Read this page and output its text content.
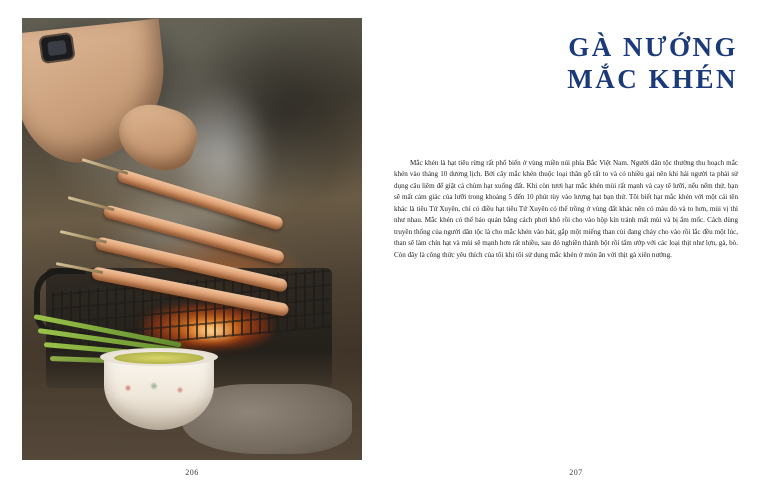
206
GÀ NƯỚNG
MẮC KHÉN

Mắc khén là hạt tiêu rừng rất phổ biến ở vùng miền núi phía Bắc Việt Nam. Người dân tộc thường thu hoạch mắc khén vào tháng 10 dương lịch. Bởi cây mắc khén thuộc loại thân gỗ rất to và có nhiều gai nên khi hái người ta phải sử dụng câu liêm để giật cả chùm hạt xuống đất. Khi còn tươi hạt mắc khén mùi rất mạnh và cay tê lưỡi, nếu nếm thử, bạn sẽ mất cảm giác của lưỡi trong khoảng 5 đến 10 phút tùy vào lượng hạt bạn thử. Tôi biết hạt mắc khén với một cái tên khác là tiêu Tứ Xuyên, chỉ có điều hạt tiêu Tứ Xuyên có thể trồng ở vùng đất khác nên có màu đỏ và to hơn, mùi vị thì như nhau. Mắc khén có thể bảo quản bằng cách phơi khô rồi cho vào hộp kín tránh mất mùi và bị ẩm mốc. Cách dùng truyền thống của người dân tộc là cho mắc khén vào bát, gắp một miếng than củi đang cháy cho vào rồi lắc đều một lúc, than sẽ làm chín hạt và mùi sẽ mạnh hơn rất nhiều, sau đó nghiền thành bột rồi tẩm ướp với các loại thịt như lợn, gà, bò. Còn đây là công thức yêu thích của tôi khi tôi sử dụng mắc khén ở món ăn với thịt gà xiên nướng.

207
